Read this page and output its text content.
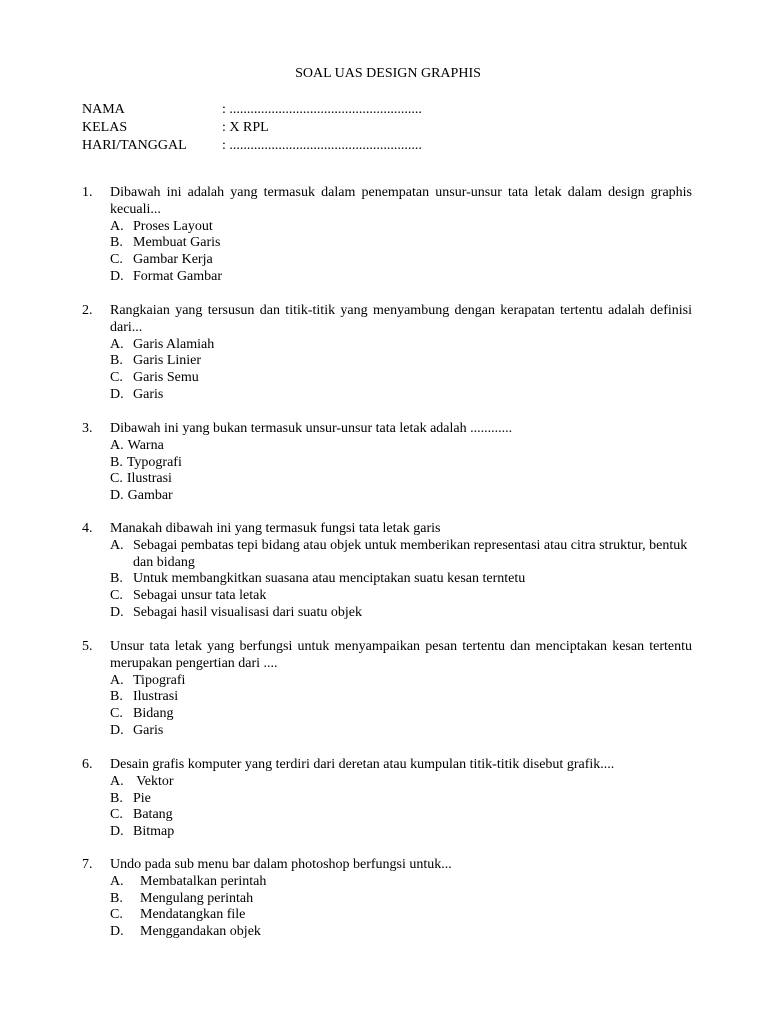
SOAL UAS DESIGN GRAPHIS
NAMA	: .......................................................
KELAS	: X RPL
HARI/TANGGAL	: .......................................................
1. Dibawah ini adalah yang termasuk dalam penempatan unsur-unsur tata letak dalam design graphis kecuali...
A. Proses Layout
B. Membuat Garis
C. Gambar Kerja
D. Format Gambar
2. Rangkaian yang tersusun dan titik-titik yang menyambung dengan kerapatan tertentu adalah definisi dari...
A. Garis Alamiah
B. Garis Linier
C. Garis Semu
D. Garis
3. Dibawah ini yang bukan termasuk unsur-unsur tata letak adalah ............
A. Warna
B. Typografi
C. Ilustrasi
D. Gambar
4. Manakah dibawah ini yang termasuk fungsi tata letak garis
A. Sebagai pembatas tepi bidang atau objek untuk memberikan representasi atau citra struktur, bentuk dan bidang
B. Untuk membangkitkan suasana atau menciptakan suatu kesan terntetu
C. Sebagai unsur tata letak
D. Sebagai hasil visualisasi dari suatu objek
5. Unsur tata letak yang berfungsi untuk menyampaikan pesan tertentu dan menciptakan kesan tertentu merupakan pengertian dari ....
A. Tipografi
B. Ilustrasi
C. Bidang
D. Garis
6. Desain grafis komputer yang terdiri dari deretan atau kumpulan titik-titik disebut grafik....
A. Vektor
B. Pie
C. Batang
D. Bitmap
7. Undo pada sub menu bar dalam photoshop berfungsi untuk...
A. Membatalkan perintah
B. Mengulang perintah
C. Mendatangkan file
D. Menggandakan objek
